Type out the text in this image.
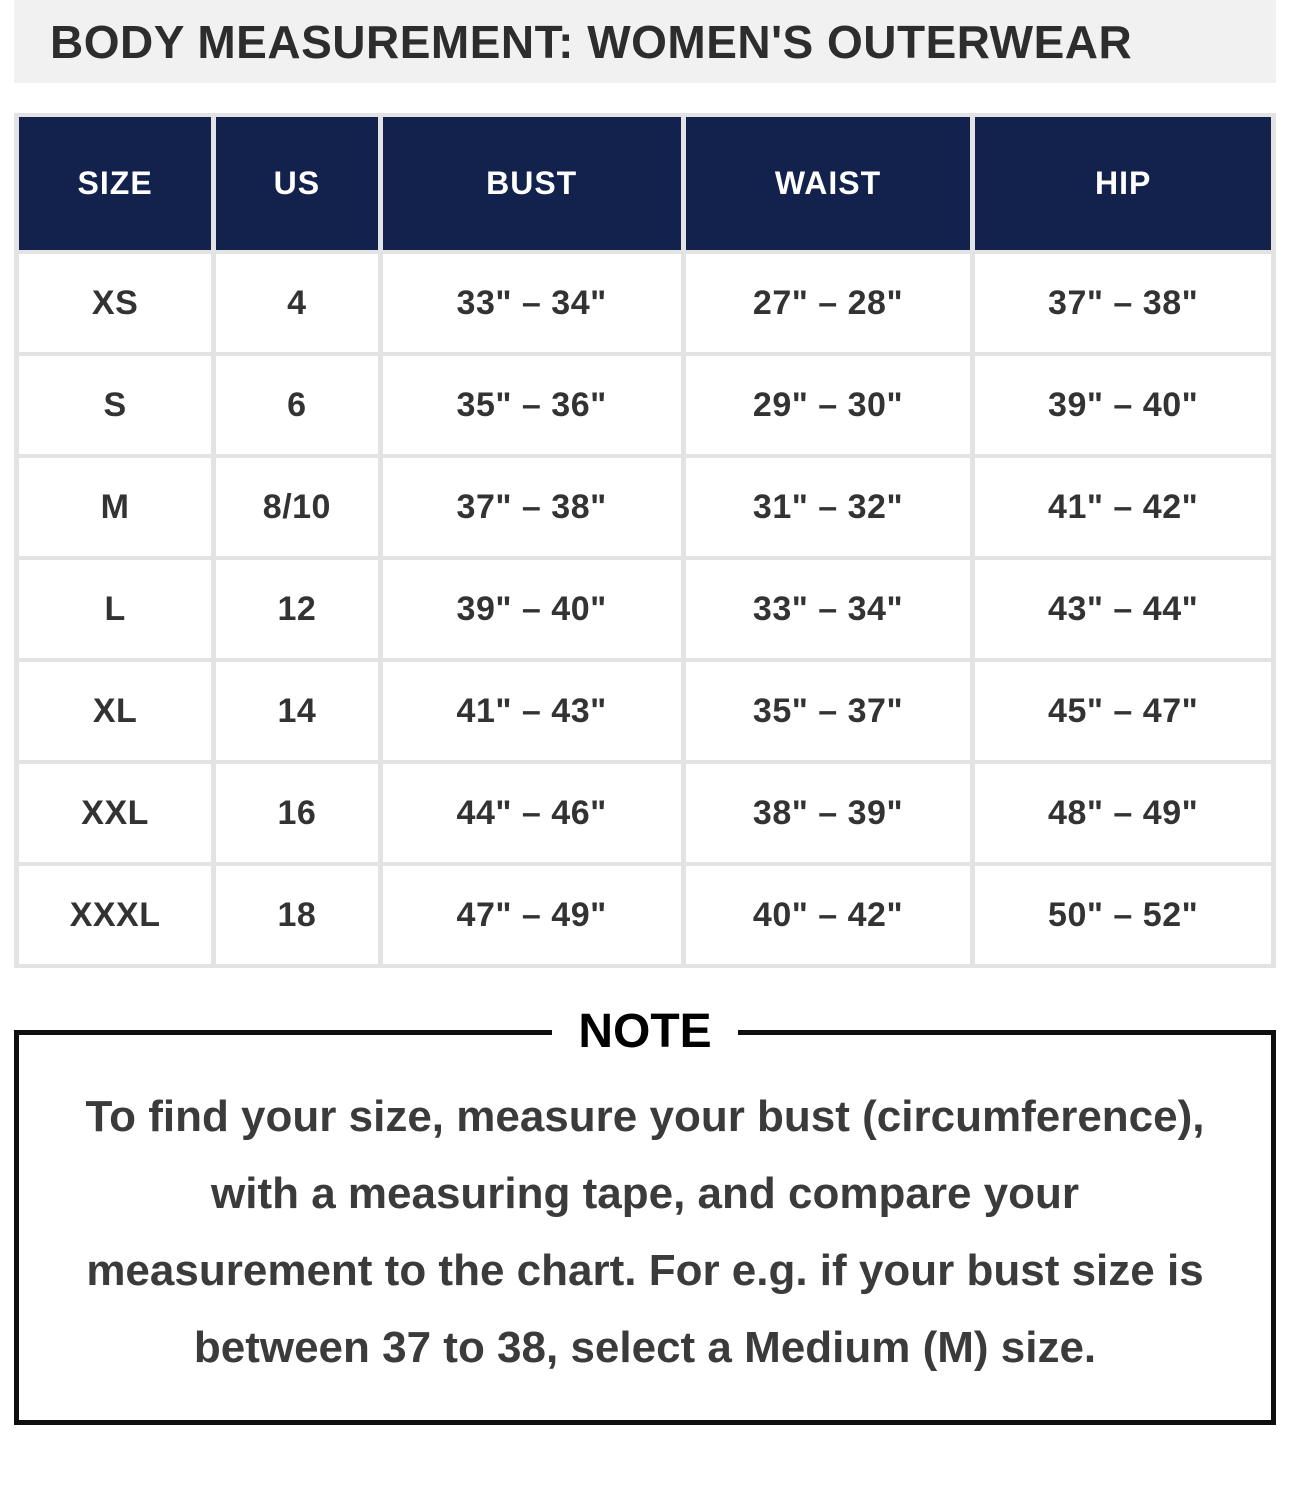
BODY MEASUREMENT: WOMEN'S OUTERWEAR
SIZE	US	BUST	WAIST	HIP
XS	4	33" – 34"	27" – 28"	37" – 38"
S	6	35" – 36"	29" – 30"	39" – 40"
M	8/10	37" – 38"	31" – 32"	41" – 42"
L	12	39" – 40"	33" – 34"	43" – 44"
XL	14	41" – 43"	35" – 37"	45" – 47"
XXL	16	44" – 46"	38" – 39"	48" – 49"
XXXL	18	47" – 49"	40" – 42"	50" – 52"
NOTE
To find your size, measure your bust (circumference), with a measuring tape, and compare your measurement to the chart. For e.g. if your bust size is between 37 to 38, select a Medium (M) size.
